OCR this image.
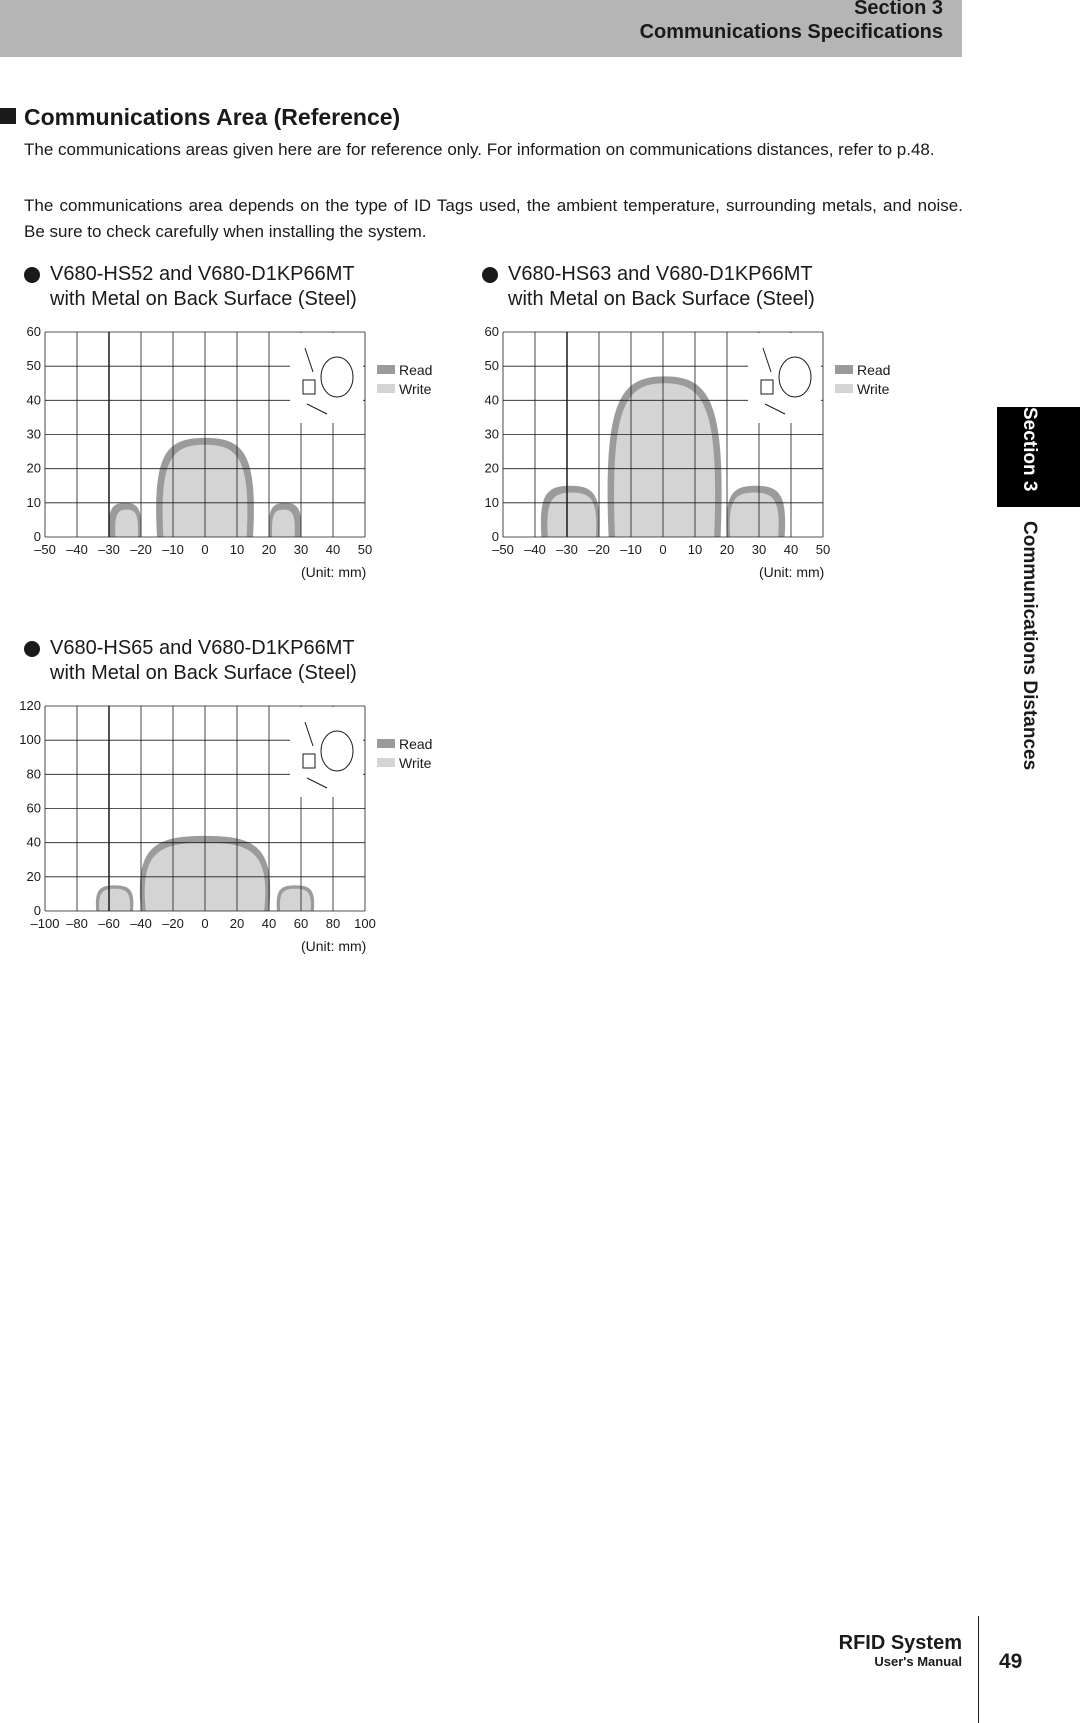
Section 3
Communications Specifications
Section 3Communications Distances
Communications Area (Reference)
The communications areas given here are for reference only. For information on communications distances, refer to p.48.
The communications area depends on the type of ID Tags used, the ambient temperature, surrounding metals, and noise. Be sure to check carefully when installing the system.
V680-HS52 and V680-D1KP66MT
with Metal on Back Surface (Steel)
–50 –40 –30 –20 –10 0 10 20 30 40 50
0
10
20
30
40
50
60
Read
Write
(Unit: mm)
V680-HS63 and V680-D1KP66MT
with Metal on Back Surface (Steel)
–50 –40 –30 –20 –10 0 10 20 30 40 50
0
10
20
30
40
50
60
Read
Write
(Unit: mm)
V680-HS65 and V680-D1KP66MT
with Metal on Back Surface (Steel)
–100 –80 –60 –40 –20 0 20 40 60 80 100
0
20
40
60
80
100
120
Read
Write
(Unit: mm)
RFID System
User's Manual 49
